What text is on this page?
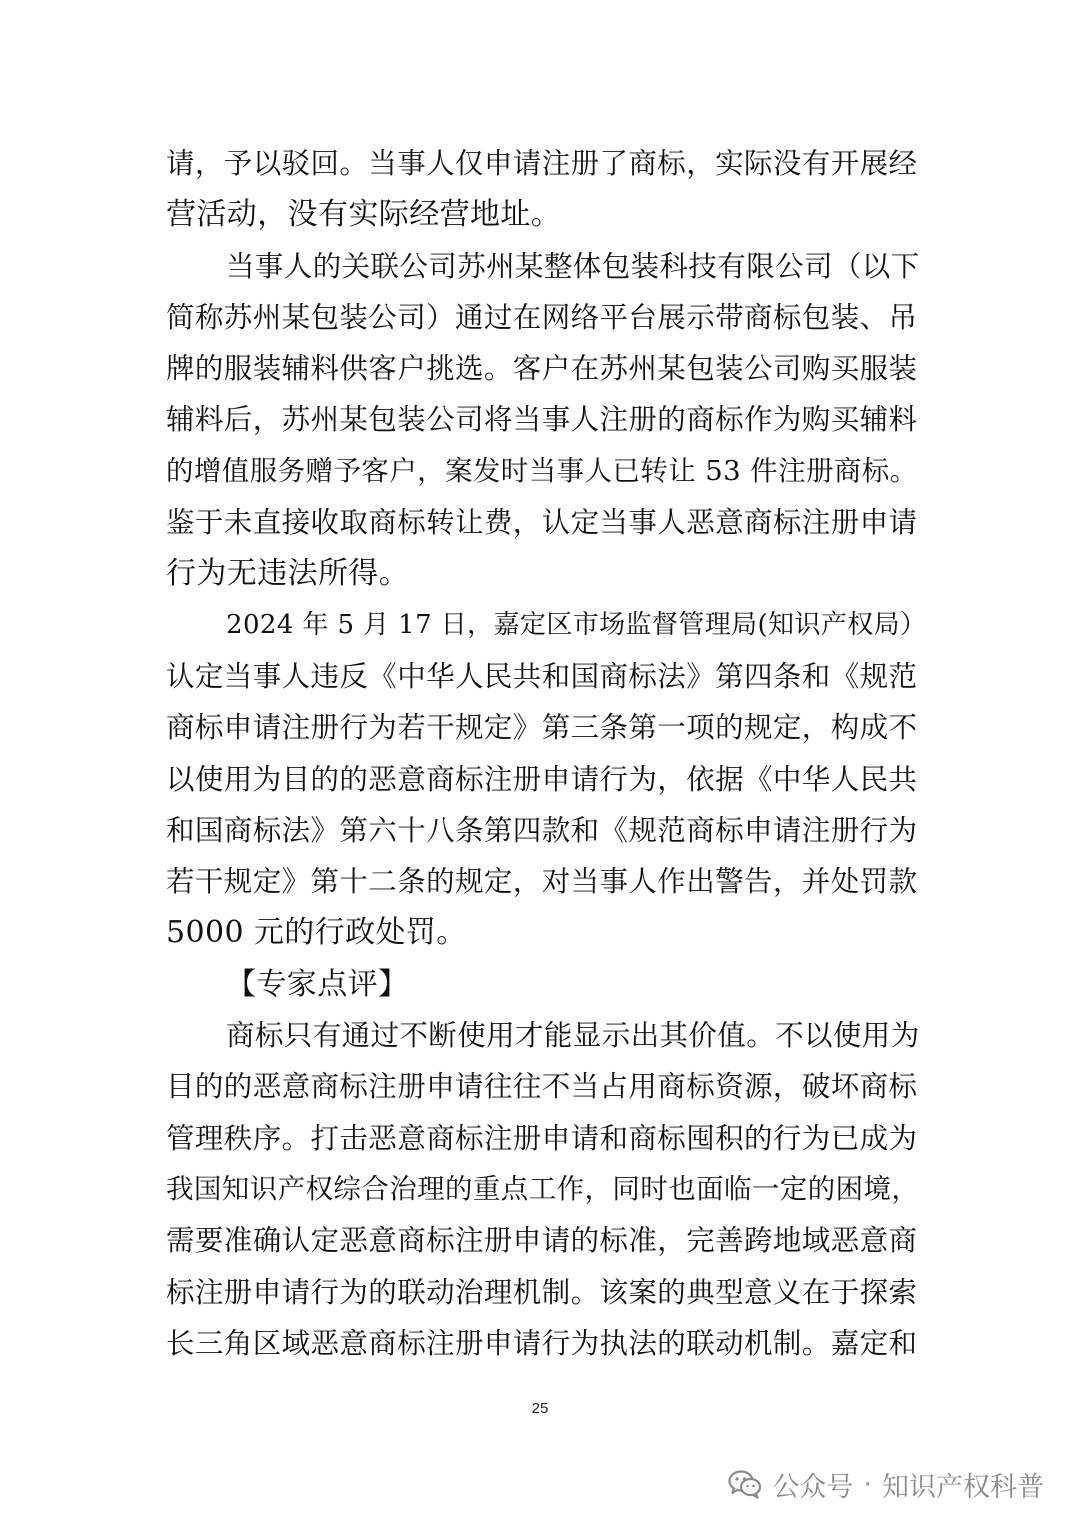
请，予以驳回。当事人仅申请注册了商标，实际没有开展经
营活动，没有实际经营地址。
当事人的关联公司苏州某整体包装科技有限公司（以下
简称苏州某包装公司）通过在网络平台展示带商标包装、吊
牌的服装辅料供客户挑选。客户在苏州某包装公司购买服装
辅料后，苏州某包装公司将当事人注册的商标作为购买辅料
的增值服务赠予客户，案发时当事人已转让 53 件注册商标。
鉴于未直接收取商标转让费，认定当事人恶意商标注册申请
行为无违法所得。
2024 年 5 月 17 日，嘉定区市场监督管理局(知识产权局）
认定当事人违反《中华人民共和国商标法》第四条和《规范
商标申请注册行为若干规定》第三条第一项的规定，构成不
以使用为目的的恶意商标注册申请行为，依据《中华人民共
和国商标法》第六十八条第四款和《规范商标申请注册行为
若干规定》第十二条的规定，对当事人作出警告，并处罚款
5000 元的行政处罚。
【专家点评】
商标只有通过不断使用才能显示出其价值。不以使用为
目的的恶意商标注册申请往往不当占用商标资源，破坏商标
管理秩序。打击恶意商标注册申请和商标囤积的行为已成为
我国知识产权综合治理的重点工作，同时也面临一定的困境，
需要准确认定恶意商标注册申请的标准，完善跨地域恶意商
标注册申请行为的联动治理机制。该案的典型意义在于探索
长三角区域恶意商标注册申请行为执法的联动机制。嘉定和
25
公众号 · 知识产权科普
